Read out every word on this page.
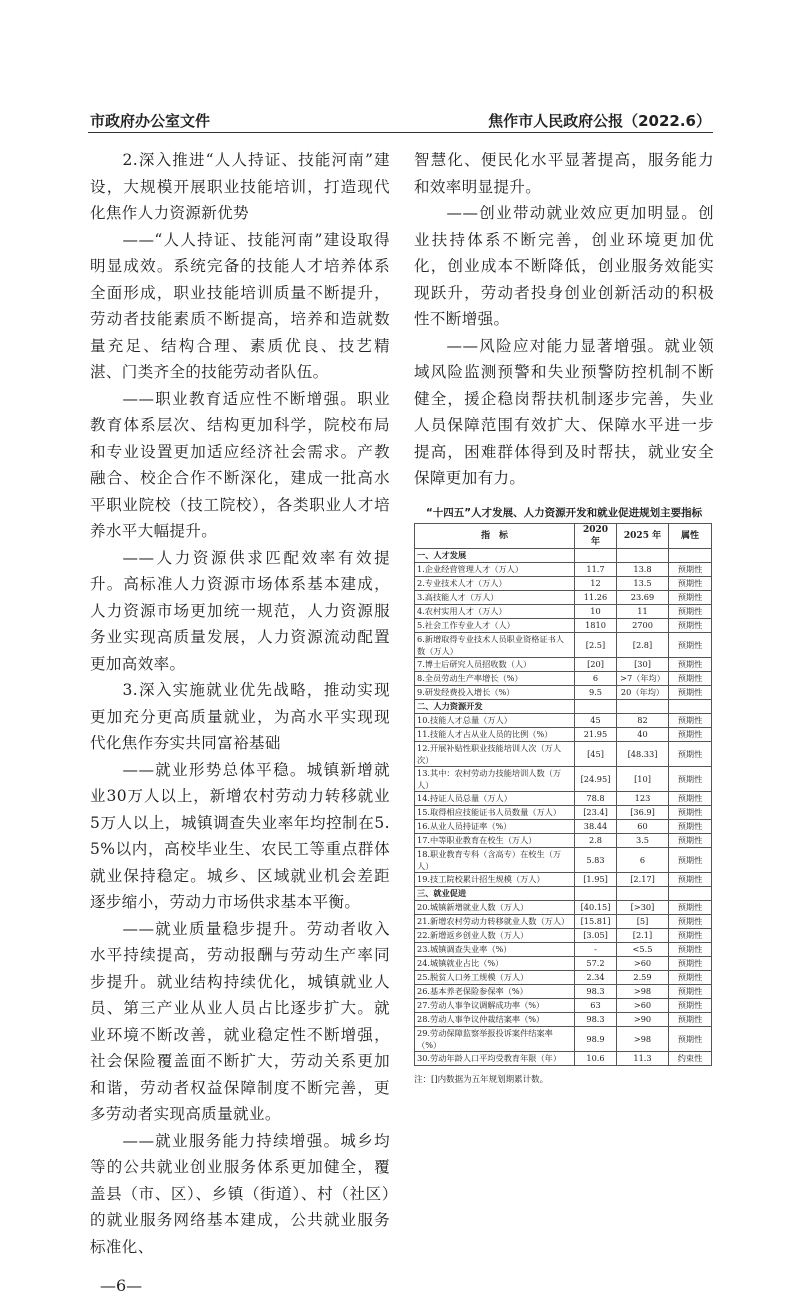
市政府办公室文件	焦作市人民政府公报（2022.6）

2.深入推进“人人持证、技能河南”建设，大规模开展职业技能培训，打造现代化焦作人力资源新优势

——“人人持证、技能河南”建设取得明显成效。系统完备的技能人才培养体系全面形成，职业技能培训质量不断提升，劳动者技能素质不断提高，培养和造就数量充足、结构合理、素质优良、技艺精湛、门类齐全的技能劳动者队伍。

——职业教育适应性不断增强。职业教育体系层次、结构更加科学，院校布局和专业设置更加适应经济社会需求。产教融合、校企合作不断深化，建成一批高水平职业院校（技工院校），各类职业人才培养水平大幅提升。

——人力资源供求匹配效率有效提升。高标准人力资源市场体系基本建成，人力资源市场更加统一规范，人力资源服务业实现高质量发展，人力资源流动配置更加高效率。

3.深入实施就业优先战略，推动实现更加充分更高质量就业，为高水平实现现代化焦作夯实共同富裕基础

——就业形势总体平稳。城镇新增就业30万人以上，新增农村劳动力转移就业5万人以上，城镇调查失业率年均控制在5.5%以内，高校毕业生、农民工等重点群体就业保持稳定。城乡、区域就业机会差距逐步缩小，劳动力市场供求基本平衡。

——就业质量稳步提升。劳动者收入水平持续提高，劳动报酬与劳动生产率同步提升。就业结构持续优化，城镇就业人员、第三产业从业人员占比逐步扩大。就业环境不断改善，就业稳定性不断增强，社会保险覆盖面不断扩大，劳动关系更加和谐，劳动者权益保障制度不断完善，更多劳动者实现高质量就业。

——就业服务能力持续增强。城乡均等的公共就业创业服务体系更加健全，覆盖县（市、区）、乡镇（街道）、村（社区）的就业服务网络基本建成，公共就业服务标准化、

—6—

智慧化、便民化水平显著提高，服务能力和效率明显提升。

——创业带动就业效应更加明显。创业扶持体系不断完善，创业环境更加优化，创业成本不断降低，创业服务效能实现跃升，劳动者投身创业创新活动的积极性不断增强。

——风险应对能力显著增强。就业领域风险监测预警和失业预警防控机制不断健全，援企稳岗帮扶机制逐步完善，失业人员保障范围有效扩大、保障水平进一步提高，困难群体得到及时帮扶，就业安全保障更加有力。

“十四五”人才发展、人力资源开发和就业促进规划主要指标
指　标	2020 年	2025 年	属性
一、人才发展			
1.企业经营管理人才（万人）	11.7	13.8	预期性
2.专业技术人才（万人）	12	13.5	预期性
3.高技能人才（万人）	11.26	23.69	预期性
4.农村实用人才（万人）	10	11	预期性
5.社会工作专业人才（人）	1810	2700	预期性
6.新增取得专业技术人员职业资格证书人数（万人）	[2.5]	[2.8]	预期性
7.博士后研究人员招收数（人）	[20]	[30]	预期性
8.全员劳动生产率增长（%）	6	>7（年均）	预期性
9.研发经费投入增长（%）	9.5	20（年均）	预期性
二、人力资源开发			
10.技能人才总量（万人）	45	82	预期性
11.技能人才占从业人员的比例（%）	21.95	40	预期性
12.开展补贴性职业技能培训人次（万人次）	[45]	[48.33]	预期性
13.其中：农村劳动力技能培训人数（万人）	[24.95]	[10]	预期性
14.持证人员总量（万人）	78.8	123	预期性
15.取得相应技能证书人员数量（万人）	[23.4]	[36.9]	预期性
16.从业人员持证率（%）	38.44	60	预期性
17.中等职业教育在校生（万人）	2.8	3.5	预期性
18.职业教育专科（含高专）在校生（万人）	5.83	6	预期性
19.技工院校累计招生规模（万人）	[1.95]	[2.17]	预期性
三、就业促进			
20.城镇新增就业人数（万人）	[40.15]	[>30]	预期性
21.新增农村劳动力转移就业人数（万人）	[15.81]	[5]	预期性
22.新增返乡创业人数（万人）	[3.05]	[2.1]	预期性
23.城镇调查失业率（%）	-	<5.5	预期性
24.城镇就业占比（%）	57.2	>60	预期性
25.脱贫人口务工规模（万人）	2.34	2.59	预期性
26.基本养老保险参保率（%）	98.3	>98	预期性
27.劳动人事争议调解成功率（%）	63	>60	预期性
28.劳动人事争议仲裁结案率（%）	98.3	>90	预期性
29.劳动保障监察举报投诉案件结案率（%）	98.9	>98	预期性
30.劳动年龄人口平均受教育年限（年）	10.6	11.3	约束性
注：[]内数据为五年规划期累计数。
